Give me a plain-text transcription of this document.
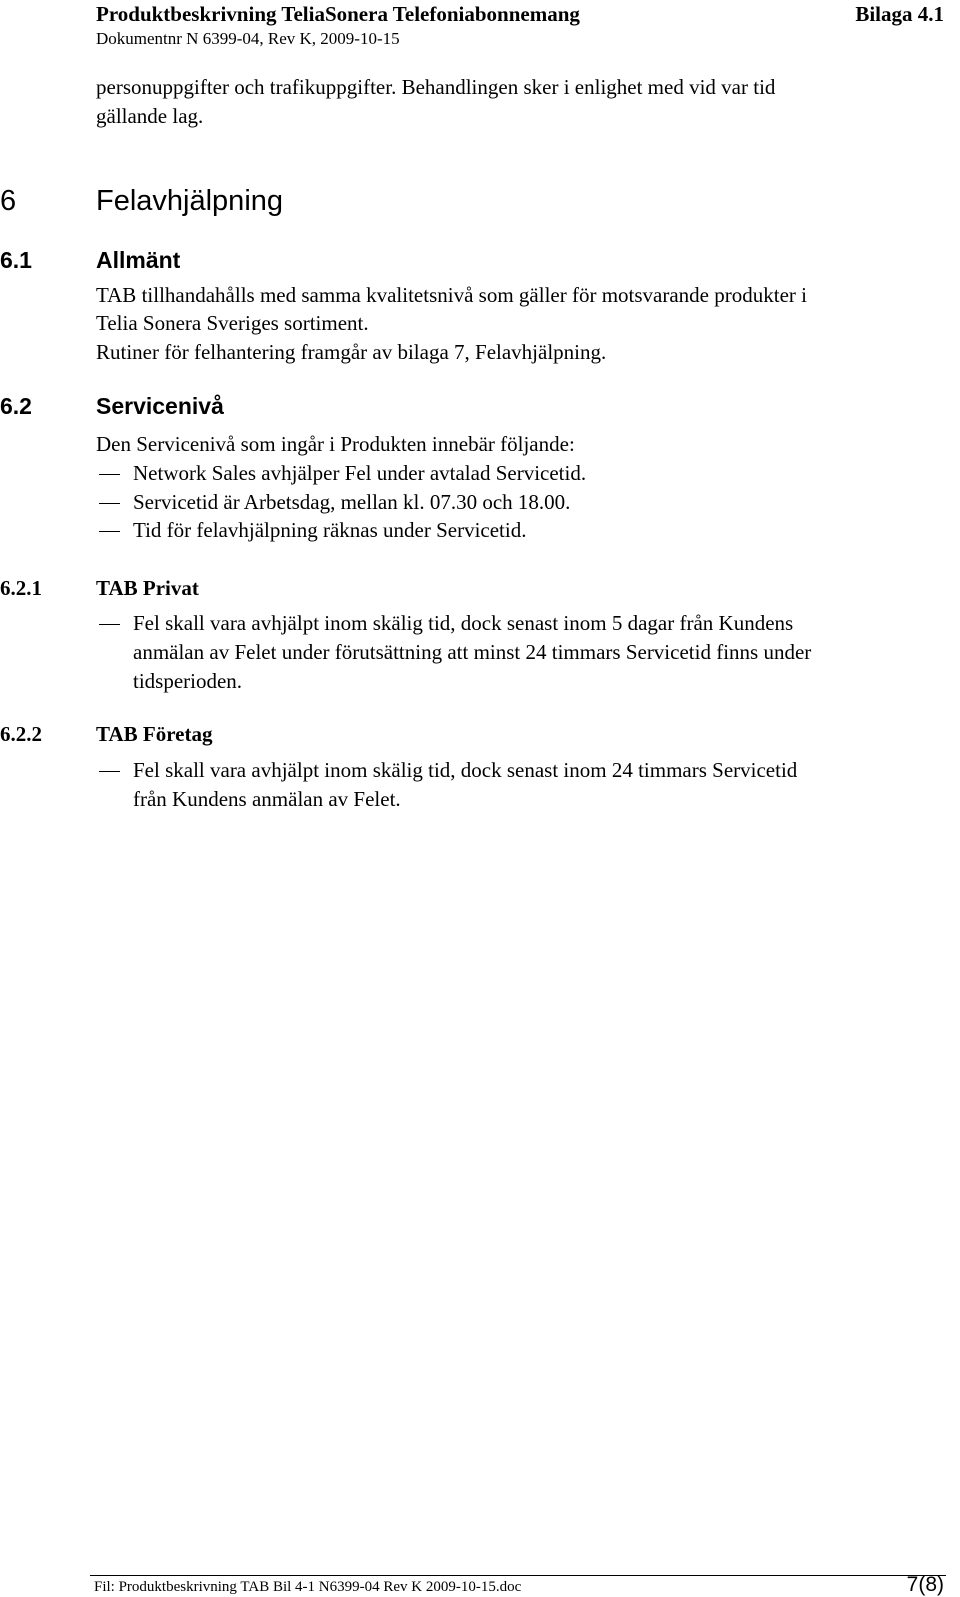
Produktbeskrivning TeliaSonera Telefoniabonnemang	Bilaga 4.1
Dokumentnr N 6399-04, Rev K, 2009-10-15
personuppgifter och trafikuppgifter. Behandlingen sker i enlighet med vid var tid
gällande lag.
6	Felavhjälpning
6.1	Allmänt
TAB tillhandahålls med samma kvalitetsnivå som gäller för motsvarande produkter i
Telia Sonera Sveriges sortiment.
Rutiner för felhantering framgår av bilaga 7, Felavhjälpning.
6.2	Servicenivå
Den Servicenivå som ingår i Produkten innebär följande:
Network Sales avhjälper Fel under avtalad Servicetid.
Servicetid är Arbetsdag, mellan kl. 07.30 och 18.00.
Tid för felavhjälpning räknas under Servicetid.
6.2.1	TAB Privat
Fel skall vara avhjälpt inom skälig tid, dock senast inom 5 dagar från Kundens
anmälan av Felet under förutsättning att minst 24 timmars Servicetid finns under
tidsperioden.
6.2.2	TAB Företag
Fel skall vara avhjälpt inom skälig tid, dock senast inom 24 timmars Servicetid
från Kundens anmälan av Felet.
Fil: Produktbeskrivning TAB Bil 4-1 N6399-04 Rev K 2009-10-15.doc	7(8)
